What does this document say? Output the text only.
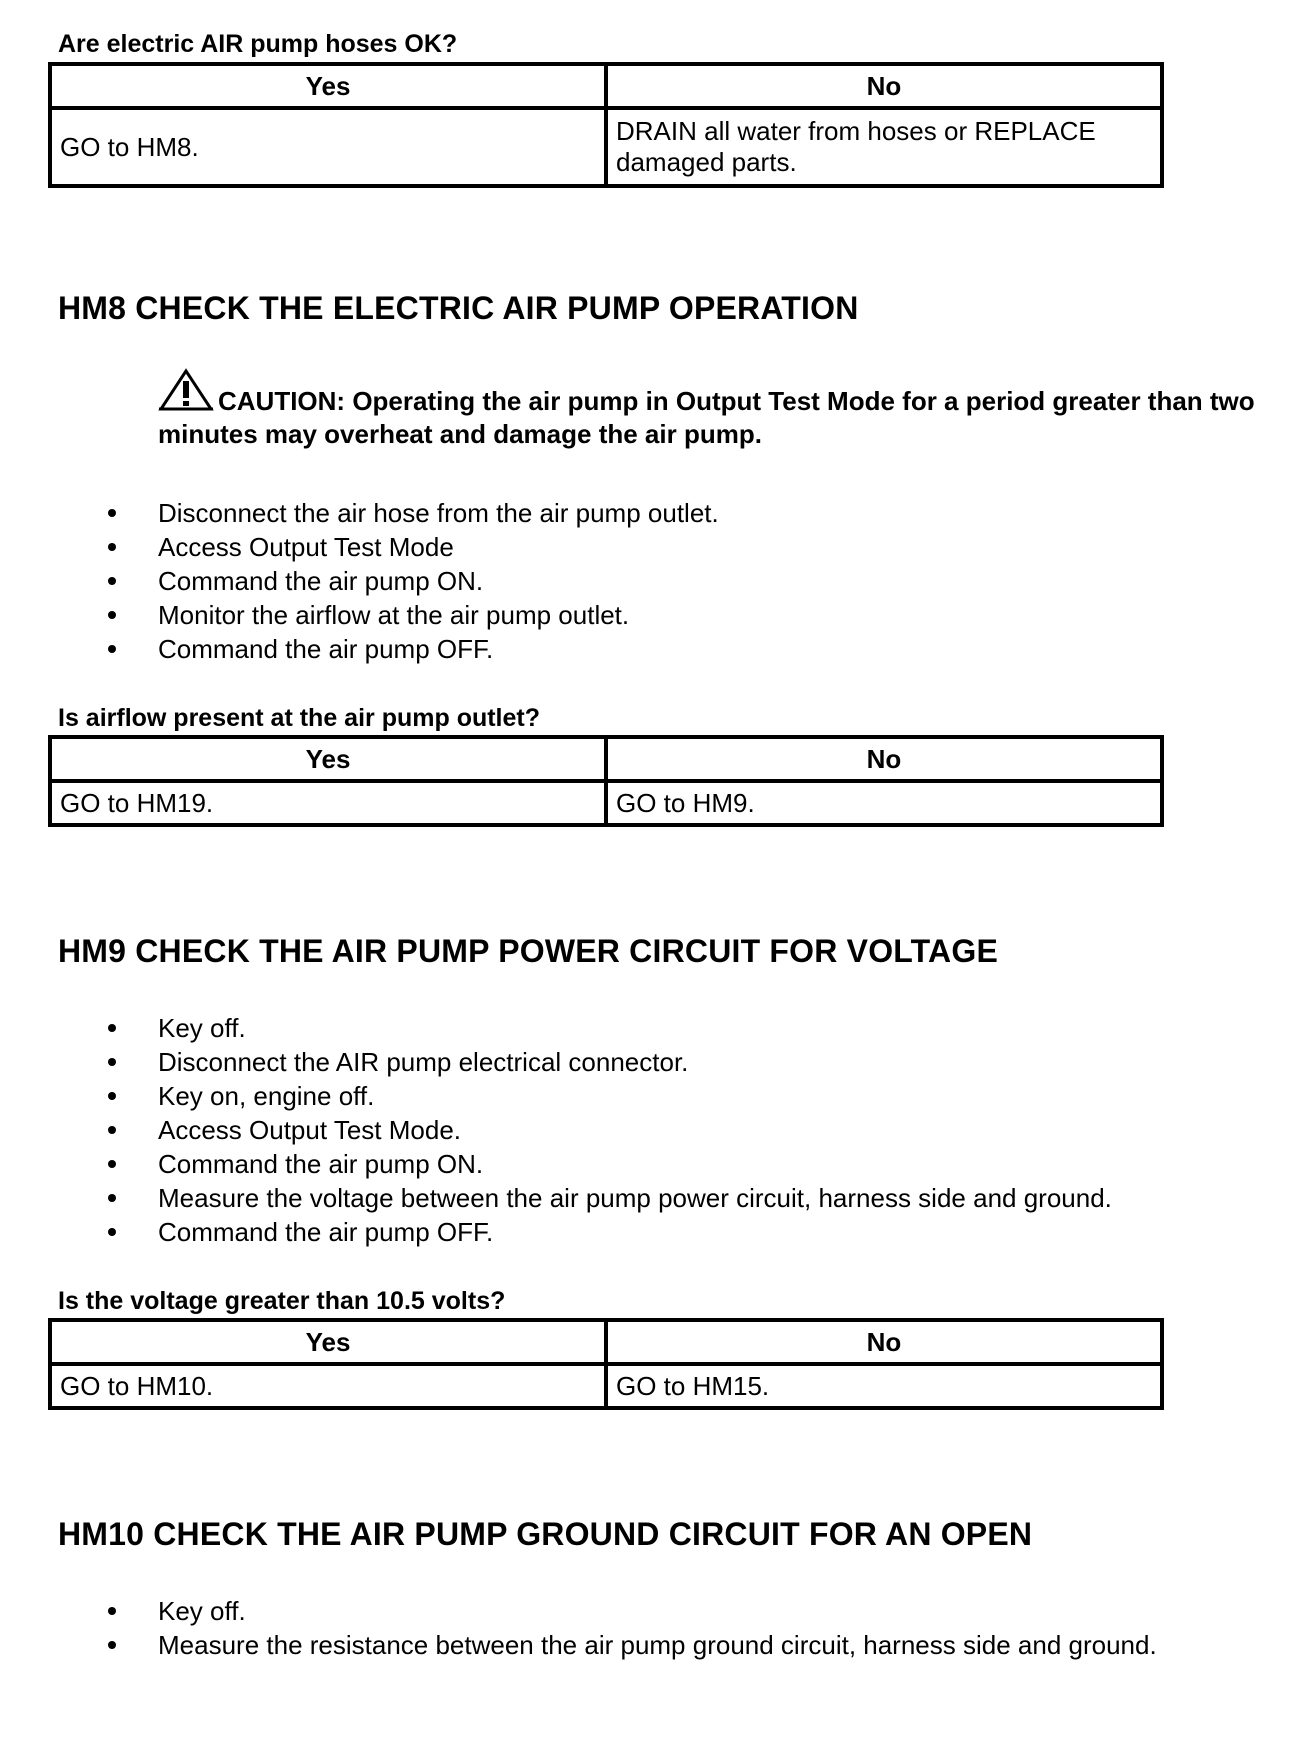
Are electric AIR pump hoses OK?
Yes	No
GO to HM8.	DRAIN all water from hoses or REPLACE damaged parts.
HM8 CHECK THE ELECTRIC AIR PUMP OPERATION
CAUTION: Operating the air pump in Output Test Mode for a period greater than two minutes may overheat and damage the air pump.
Disconnect the air hose from the air pump outlet.
Access Output Test Mode
Command the air pump ON.
Monitor the airflow at the air pump outlet.
Command the air pump OFF.
Is airflow present at the air pump outlet?
Yes	No
GO to HM19.	GO to HM9.
HM9 CHECK THE AIR PUMP POWER CIRCUIT FOR VOLTAGE
Key off.
Disconnect the AIR pump electrical connector.
Key on, engine off.
Access Output Test Mode.
Command the air pump ON.
Measure the voltage between the air pump power circuit, harness side and ground.
Command the air pump OFF.
Is the voltage greater than 10.5 volts?
Yes	No
GO to HM10.	GO to HM15.
HM10 CHECK THE AIR PUMP GROUND CIRCUIT FOR AN OPEN
Key off.
Measure the resistance between the air pump ground circuit, harness side and ground.
